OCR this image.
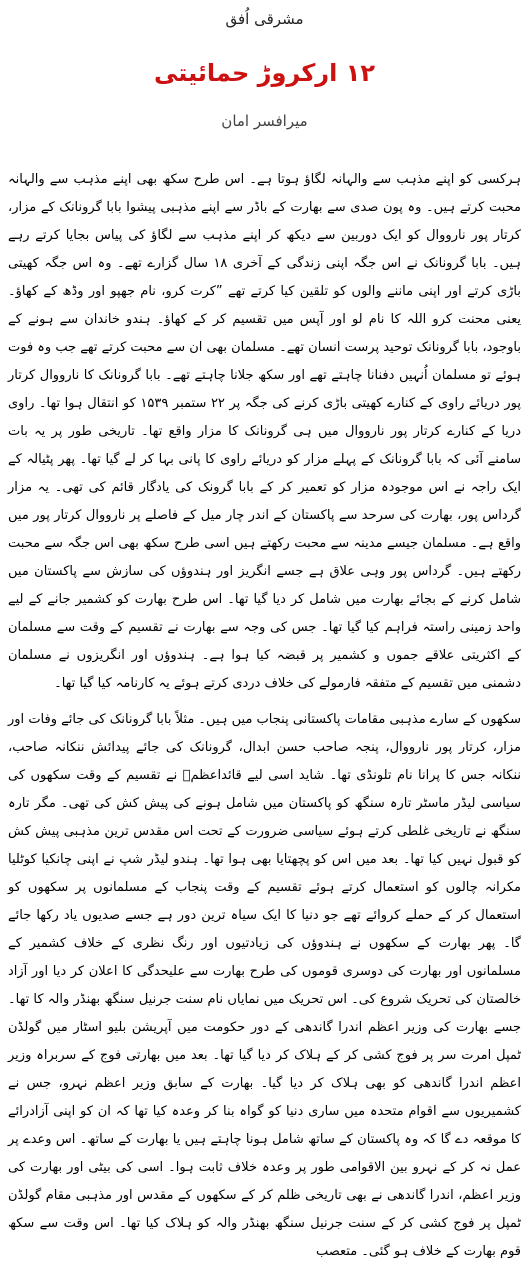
مشرقی اُفق

۱۲ ارکروڑ حمائیتی

میرافسر امان

ہرکسی کو اپنے مذہب سے والہانہ لگاؤ ہوتا ہے۔ اس طرح سکھ بھی اپنے مذہب سے والہانہ محبت کرتے ہیں۔ وہ پون صدی سے بھارت کے باڈر سے اپنے مذہبی پیشوا بابا گرونانک کے مزار، کرتار پور نارووال کو ایک دوربین سے دیکھ کر اپنے مذہب سے لگاؤ کی پیاس بجایا کرتے رہے ہیں۔ بابا گرونانک نے اس جگہ اپنی زندگی کے آخری ۱۸ سال گزارے تھے۔ وہ اس جگہ کھیتی باڑی کرتے اور اپنی ماننے والوں کو تلقین کیا کرتے تھے ”کرت کرو، نام جھپو اور وڈھ کے کھاؤ۔ یعنی محنت کرو اللہ کا نام لو اور آپس میں تقسیم کر کے کھاؤ۔ ہندو خاندان سے ہونے کے باوجود، بابا گرونانک توحید پرست انسان تھے۔ مسلمان بھی ان سے محبت کرتے تھے جب وہ فوت ہوئے تو مسلمان اُنہیں دفنانا چاہتے تھے اور سکھ جلانا چاہتے تھے۔ بابا گرونانک کا نارووال کرتار پور دریائے راوی کے کنارے کھیتی باڑی کرنے کی جگہ پر ۲۲ ستمبر ۱۵۳۹ کو انتقال ہوا تھا۔ راوی دریا کے کنارے کرتار پور نارووال میں ہی گرونانک کا مزار واقع تھا۔ تاریخی طور پر یہ بات سامنے آئی کہ بابا گرونانک کے پہلے مزار کو دریائے راوی کا پانی بہا کر لے گیا تھا۔ پھر پٹیالہ کے ایک راجہ نے اس موجودہ مزار کو تعمیر کر کے بابا گرونک کی یادگار قائم کی تھی۔ یہ مزار گرداس پور، بھارت کی سرحد سے پاکستان کے اندر چار میل کے فاصلے پر نارووال کرتار پور میں واقع ہے۔ مسلمان جیسے مدینہ سے محبت رکھتے ہیں اسی طرح سکھ بھی اس جگہ سے محبت رکھتے ہیں۔ گرداس پور وہی علاق ہے جسے انگریز اور ہندوؤں کی سازش سے پاکستان میں شامل کرنے کے بجائے بھارت میں شامل کر دیا گیا تھا۔ اس طرح بھارت کو کشمیر جانے کے لیے واحد زمینی راستہ فراہم کیا گیا تھا۔ جس کی وجہ سے بھارت نے تقسیم کے وقت سے مسلمان کے اکثریتی علاقے جموں و کشمیر پر قبضہ کیا ہوا ہے۔ ہندوؤں اور انگریزوں نے مسلمان دشمنی میں تقسیم کے متفقہ فارمولے کی خلاف دردی کرتے ہوئے یہ کارنامہ کیا گیا تھا۔

سکھوں کے سارے مذہبی مقامات پاکستانی پنجاب میں ہیں۔ مثلاً بابا گرونانک کی جائے وفات اور مزار، کرتار پور نارووال، پنجہ صاحب حسن ابدال، گرونانک کی جائے پیدائش ننکانہ صاحب، ننکانہ جس کا پرانا نام تلونڈی تھا۔ شاید اسی لیے قائداعظمؒ نے تقسیم کے وقت سکھوں کی سیاسی لیڈر ماسٹر تارہ سنگھ کو پاکستان میں شامل ہونے کی پیش کش کی تھی۔ مگر تارہ سنگھ نے تاریخی غلطی کرتے ہوئے سیاسی ضرورت کے تحت اس مقدس ترین مذہبی پیش کش کو قبول نہیں کیا تھا۔ بعد میں اس کو پچھتایا بھی ہوا تھا۔ ہندو لیڈر شپ نے اپنی چانکیا کوٹلیا مکرانہ چالوں کو استعمال کرتے ہوئے تقسیم کے وقت پنجاب کے مسلمانوں پر سکھوں کو استعمال کر کے حملے کروائے تھے جو دنیا کا ایک سیاہ ترین دور ہے جسے صدیوں یاد رکھا جائے گا۔ پھر بھارت کے سکھوں نے ہندوؤں کی زیادتیوں اور رنگ نظری کے خلاف کشمیر کے مسلمانوں اور بھارت کی دوسری قوموں کی طرح بھارت سے علیحدگی کا اعلان کر دیا اور آزاد خالصتان کی تحریک شروع کی۔ اس تحریک میں نمایاں نام سنت جرنیل سنگھ بھنڈر والہ کا تھا۔ جسے بھارت کی وزیر اعظم اندرا گاندھی کے دور حکومت میں آپریشن بلیو اسٹار میں گولڈن ٹمپل امرت سر پر فوج کشی کر کے ہلاک کر دیا گیا تھا۔ بعد میں بھارتی فوج کے سربراہ وزیر اعظم اندرا گاندھی کو بھی ہلاک کر دیا گیا۔ بھارت کے سابق وزیر اعظم نہرو، جس نے کشمیریوں سے اقوام متحدہ میں ساری دنیا کو گواہ بنا کر وعدہ کیا تھا کہ ان کو اپنی آزادرائے کا موقعہ دے گا کہ وہ پاکستان کے ساتھ شامل ہونا چاہتے ہیں یا بھارت کے ساتھ۔ اس وعدے پر عمل نہ کر کے نہرو بین الاقوامی طور پر وعدہ خلاف ثابت ہوا۔ اسی کی بیٹی اور بھارت کی وزیر اعظم، اندرا گاندھی نے بھی تاریخی ظلم کر کے سکھوں کے مقدس اور مذہبی مقام گولڈن ٹمپل پر فوج کشی کر کے سنت جرنیل سنگھ بھنڈر والہ کو ہلاک کیا تھا۔ اس وقت سے سکھ قوم بھارت کے خلاف ہو گئی۔ متعصب
